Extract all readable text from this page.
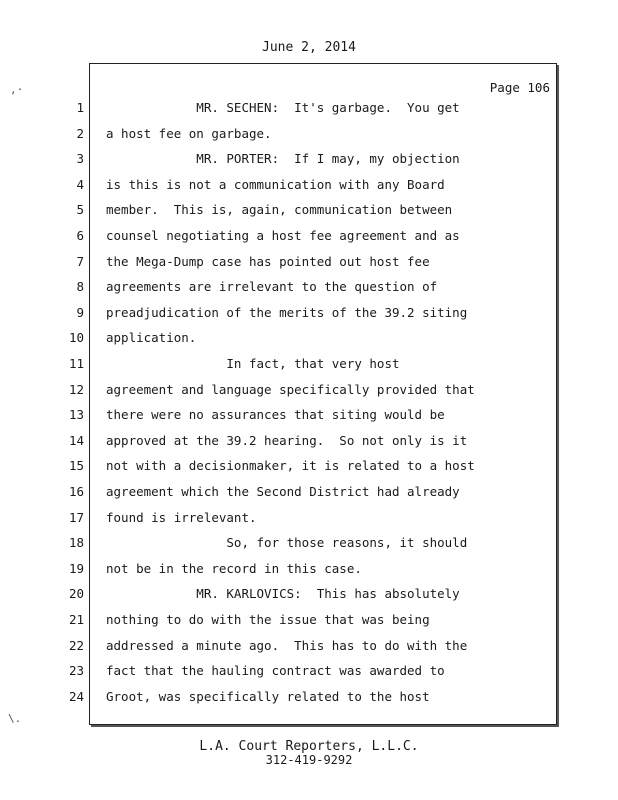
June 2, 2014
Page 106
1 MR. SECHEN:  It's garbage.  You get
2 a host fee on garbage.
3 MR. PORTER:  If I may, my objection
4 is this is not a communication with any Board
5 member.  This is, again, communication between
6 counsel negotiating a host fee agreement and as
7 the Mega-Dump case has pointed out host fee
8 agreements are irrelevant to the question of
9 preadjudication of the merits of the 39.2 siting
10 application.
11 In fact, that very host
12 agreement and language specifically provided that
13 there were no assurances that siting would be
14 approved at the 39.2 hearing.  So not only is it
15 not with a decisionmaker, it is related to a host
16 agreement which the Second District had already
17 found is irrelevant.
18 So, for those reasons, it should
19 not be in the record in this case.
20 MR. KARLOVICS:  This has absolutely
21 nothing to do with the issue that was being
22 addressed a minute ago.  This has to do with the
23 fact that the hauling contract was awarded to
24 Groot, was specifically related to the host
L.A. Court Reporters, L.L.C.
312-419-9292
,·
\.
